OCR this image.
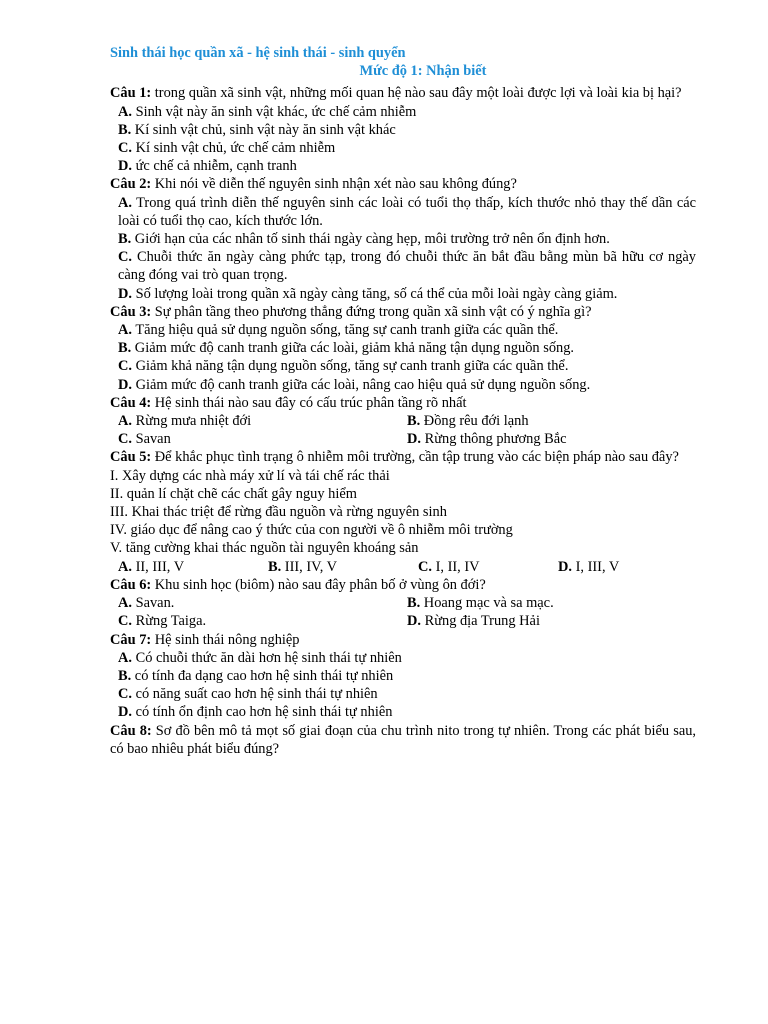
Sinh thái học quần xã - hệ sinh thái - sinh quyển

Mức độ 1: Nhận biết

Câu 1: trong quần xã sinh vật, những mối quan hệ nào sau đây một loài được lợi và loài kia bị hại?

A. Sinh vật này ăn sinh vật khác, ức chế cảm nhiễm

B. Kí sinh vật chủ, sinh vật này ăn sinh vật khác

C. Kí sinh vật chủ, ức chế cảm nhiễm

D. ức chế cả nhiễm, cạnh tranh

Câu 2: Khi nói về diễn thế nguyên sinh nhận xét nào sau không đúng?

A. Trong quá trình diễn thế nguyên sinh các loài có tuổi thọ thấp, kích thước nhỏ thay thế dần các loài có tuổi thọ cao, kích thước lớn.

B. Giới hạn của các nhân tố sinh thái ngày càng hẹp, môi trường trở nên ổn định hơn.

C. Chuỗi thức ăn ngày càng phức tạp, trong đó chuỗi thức ăn bắt đầu bằng mùn bã hữu cơ ngày càng đóng vai trò quan trọng.

D. Số lượng loài trong quần xã ngày càng tăng, số cá thể của mỗi loài ngày càng giảm.

Câu 3: Sự phân tầng theo phương thẳng đứng trong quần xã sinh vật có ý nghĩa gì?

A. Tăng hiệu quả sử dụng nguồn sống, tăng sự canh tranh giữa các quần thể.

B. Giảm mức độ canh tranh giữa các loài, giảm khả năng tận dụng nguồn sống.

C. Giảm khả năng tận dụng nguồn sống, tăng sự canh tranh giữa các quần thể.

D. Giảm mức độ canh tranh giữa các loài, nâng cao hiệu quả sử dụng nguồn sống.

Câu 4: Hệ sinh thái nào sau đây có cấu trúc phân tầng rõ nhất

A. Rừng mưa nhiệt đới	B. Đồng rêu đới lạnh
C. Savan	D. Rừng thông phương Bắc

Câu 5: Để khắc phục tình trạng ô nhiễm môi trường, cần tập trung vào các biện pháp nào sau đây?

I. Xây dựng các nhà máy xử lí và tái chế rác thải

II. quản lí chặt chẽ các chất gây nguy hiểm

III. Khai thác triệt để rừng đầu nguồn và rừng nguyên sinh

IV. giáo dục để nâng cao ý thức của con người về ô nhiễm môi trường

V. tăng cường khai thác nguồn tài nguyên khoáng sản

A. II, III, V	B. III, IV, V	C. I, II, IV	D. I, III, V

Câu 6: Khu sinh học (biôm) nào sau đây phân bố ở vùng ôn đới?

A. Savan.	B. Hoang mạc và sa mạc.
C. Rừng Taiga.	D. Rừng địa Trung Hải

Câu 7: Hệ sinh thái nông nghiệp

A. Có chuỗi thức ăn dài hơn hệ sinh thái tự nhiên

B. có tính đa dạng cao hơn hệ sinh thái tự nhiên

C. có năng suất cao hơn hệ sinh thái tự nhiên

D. có tính ổn định cao hơn hệ sinh thái tự nhiên

Câu 8: Sơ đồ bên mô tả mọt số giai đoạn của chu trình nito trong tự nhiên. Trong các phát biểu sau, có bao nhiêu phát biểu đúng?
